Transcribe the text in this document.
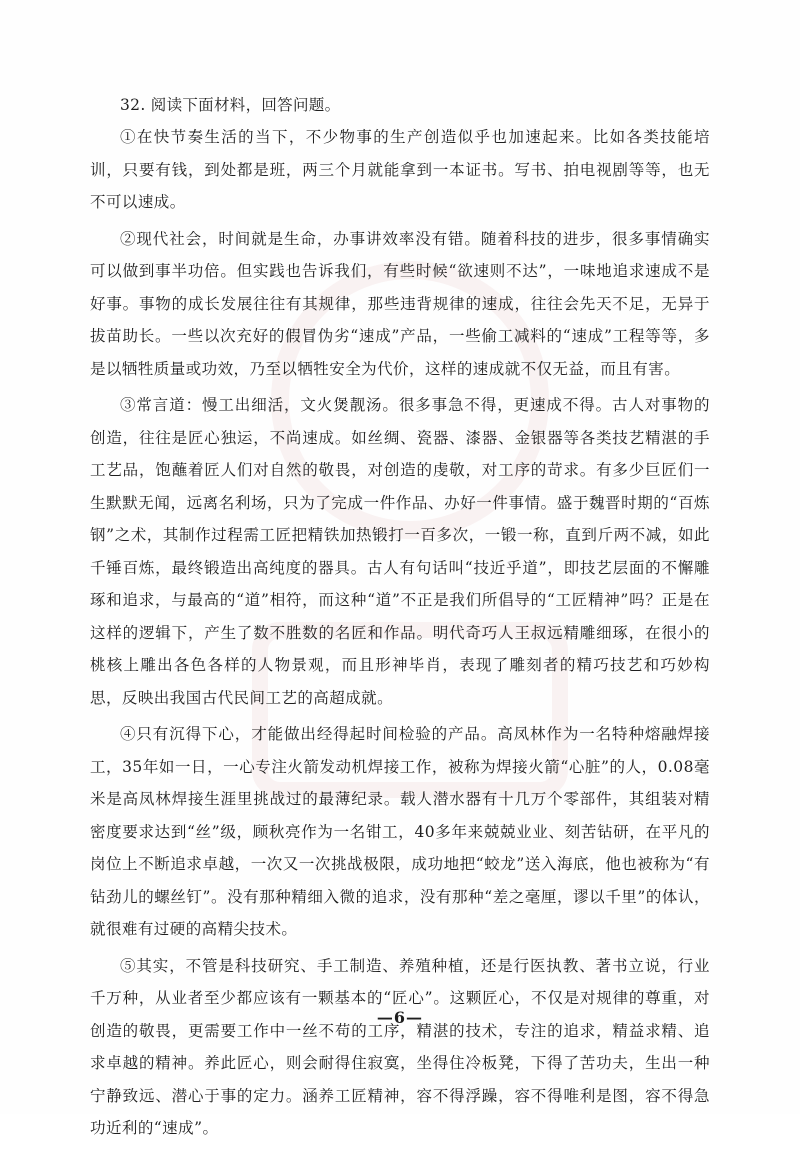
32. 阅读下面材料，回答问题。

①在快节奏生活的当下，不少物事的生产创造似乎也加速起来。比如各类技能培训，只要有钱，到处都是班，两三个月就能拿到一本证书。写书、拍电视剧等等，也无不可以速成。

②现代社会，时间就是生命，办事讲效率没有错。随着科技的进步，很多事情确实可以做到事半功倍。但实践也告诉我们，有些时候“欲速则不达”，一味地追求速成不是好事。事物的成长发展往往有其规律，那些违背规律的速成，往往会先天不足，无异于拔苗助长。一些以次充好的假冒伪劣“速成”产品，一些偷工减料的“速成”工程等等，多是以牺牲质量或功效，乃至以牺牲安全为代价，这样的速成就不仅无益，而且有害。

③常言道：慢工出细活，文火煲靓汤。很多事急不得，更速成不得。古人对事物的创造，往往是匠心独运，不尚速成。如丝绸、瓷器、漆器、金银器等各类技艺精湛的手工艺品，饱蘸着匠人们对自然的敬畏，对创造的虔敬，对工序的苛求。有多少巨匠们一生默默无闻，远离名利场，只为了完成一件作品、办好一件事情。盛于魏晋时期的“百炼钢”之术，其制作过程需工匠把精铁加热锻打一百多次，一锻一称，直到斤两不减，如此千锤百炼，最终锻造出高纯度的器具。古人有句话叫“技近乎道”，即技艺层面的不懈雕琢和追求，与最高的“道”相符，而这种“道”不正是我们所倡导的“工匠精神”吗？正是在这样的逻辑下，产生了数不胜数的名匠和作品。明代奇巧人王叔远精雕细琢，在很小的桃核上雕出各色各样的人物景观，而且形神毕肖，表现了雕刻者的精巧技艺和巧妙构思，反映出我国古代民间工艺的高超成就。

④只有沉得下心，才能做出经得起时间检验的产品。高凤林作为一名特种熔融焊接工，35年如一日，一心专注火箭发动机焊接工作，被称为焊接火箭“心脏”的人，0.08毫米是高凤林焊接生涯里挑战过的最薄纪录。载人潜水器有十几万个零部件，其组装对精密度要求达到“丝”级，顾秋亮作为一名钳工，40多年来兢兢业业、刻苦钻研，在平凡的岗位上不断追求卓越，一次又一次挑战极限，成功地把“蛟龙”送入海底，他也被称为“有钻劲儿的螺丝钉”。没有那种精细入微的追求，没有那种“差之毫厘，谬以千里”的体认，就很难有过硬的高精尖技术。

⑤其实，不管是科技研究、手工制造、养殖种植，还是行医执教、著书立说，行业千万种，从业者至少都应该有一颗基本的“匠心”。这颗匠心，不仅是对规律的尊重，对创造的敬畏，更需要工作中一丝不苟的工序，精湛的技术，专注的追求，精益求精、追求卓越的精神。养此匠心，则会耐得住寂寞，坐得住冷板凳，下得了苦功夫，生出一种宁静致远、潜心于事的定力。涵养工匠精神，容不得浮躁，容不得唯利是图，容不得急功近利的“速成”。

—6—
